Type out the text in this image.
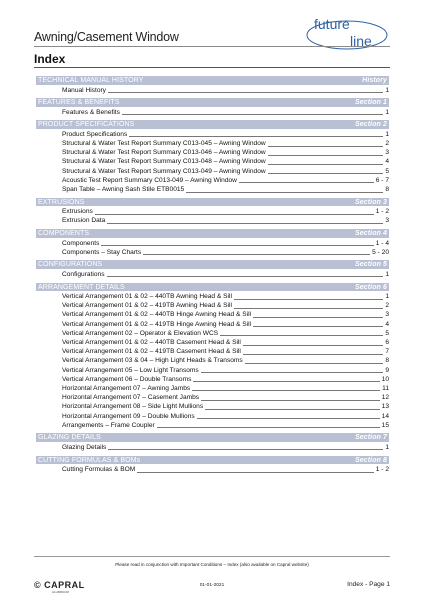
Awning/Casement Window
future
line
Index
TECHNICAL MANUAL HISTORY	History
Manual History	1
FEATURES & BENEFITS	Section 1
Features & Benefits	1
PRODUCT SPECIFICATIONS	Section 2
Product Specifications	1
Structural & Water Test Report Summary C013-045 – Awning Window	2
Structural & Water Test Report Summary C013-046 – Awning Window	3
Structural & Water Test Report Summary C013-048 – Awning Window	4
Structural & Water Test Report Summary C013-049 – Awning Window	5
Acoustic Test Report Summary C013-049 – Awning Window	6 - 7
Span Table – Awning Sash Stile ETB0015	8
EXTRUSIONS	Section 3
Extrusions	1 - 2
Extrusion Data	3
COMPONENTS	Section 4
Components	1 - 4
Components – Stay Charts	5 - 20
CONFIGURATIONS	Section 5
Configurations	1
ARRANGEMENT DETAILS	Section 6
Vertical Arrangement 01 & 02 – 440TB Awning Head & Sill	1
Vertical Arrangement 01 & 02 – 419TB Awning Head & Sill	2
Vertical Arrangement 01 & 02 – 440TB Hinge Awning Head & Sill	3
Vertical Arrangement 01 & 02 – 419TB Hinge Awning Head & Sill	4
Vertical Arrangement 02 – Operator & Elevation WCS	5
Vertical Arrangement 01 & 02 – 440TB Casement Head & Sill	6
Vertical Arrangement 01 & 02 – 419TB Casement Head & Sill	7
Vertical Arrangement 03 & 04 – High Light Heads & Transoms	8
Vertical Arrangement 05 – Low Light Transoms	9
Vertical Arrangement 06 – Double Transoms	10
Horizontal Arrangement 07 – Awning Jambs	11
Horizontal Arrangement 07 – Casement Jambs	12
Horizontal Arrangement 08 – Side Light Mullions	13
Horizontal Arrangement 09 – Double Mullions	14
Arrangements – Frame Coupler	15
GLAZING DETAILS	Section 7
Glazing Details	1
CUTTING FORMULAS & BOMs	Section 8
Cutting Formulas & BOM	1 - 2
Please read in conjunction with Important Conditions – Index (also available on Capral website)
© CAPRAL
ALUMINIUM
01-01-2021	Index - Page 1
